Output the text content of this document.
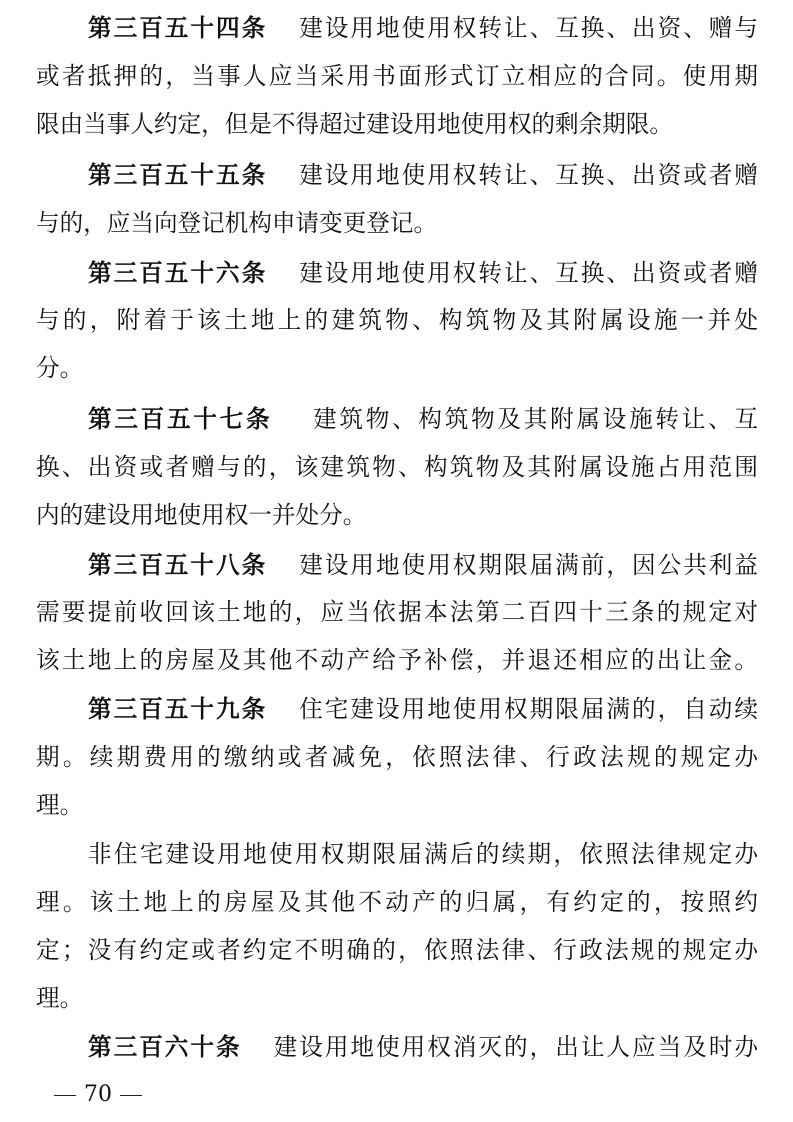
第三百五十四条 建设用地使用权转让、互换、出资、赠与
或者抵押的，当事人应当采用书面形式订立相应的合同。使用期
限由当事人约定，但是不得超过建设用地使用权的剩余期限。
第三百五十五条 建设用地使用权转让、互换、出资或者赠
与的，应当向登记机构申请变更登记。
第三百五十六条 建设用地使用权转让、互换、出资或者赠
与的，附着于该土地上的建筑物、构筑物及其附属设施一并处
分。
第三百五十七条 建筑物、构筑物及其附属设施转让、互
换、出资或者赠与的，该建筑物、构筑物及其附属设施占用范围
内的建设用地使用权一并处分。
第三百五十八条 建设用地使用权期限届满前，因公共利益
需要提前收回该土地的，应当依据本法第二百四十三条的规定对
该土地上的房屋及其他不动产给予补偿，并退还相应的出让金。
第三百五十九条 住宅建设用地使用权期限届满的，自动续
期。续期费用的缴纳或者减免，依照法律、行政法规的规定办
理。
非住宅建设用地使用权期限届满后的续期，依照法律规定办
理。该土地上的房屋及其他不动产的归属，有约定的，按照约
定；没有约定或者约定不明确的，依照法律、行政法规的规定办
理。
第三百六十条 建设用地使用权消灭的，出让人应当及时办
70
